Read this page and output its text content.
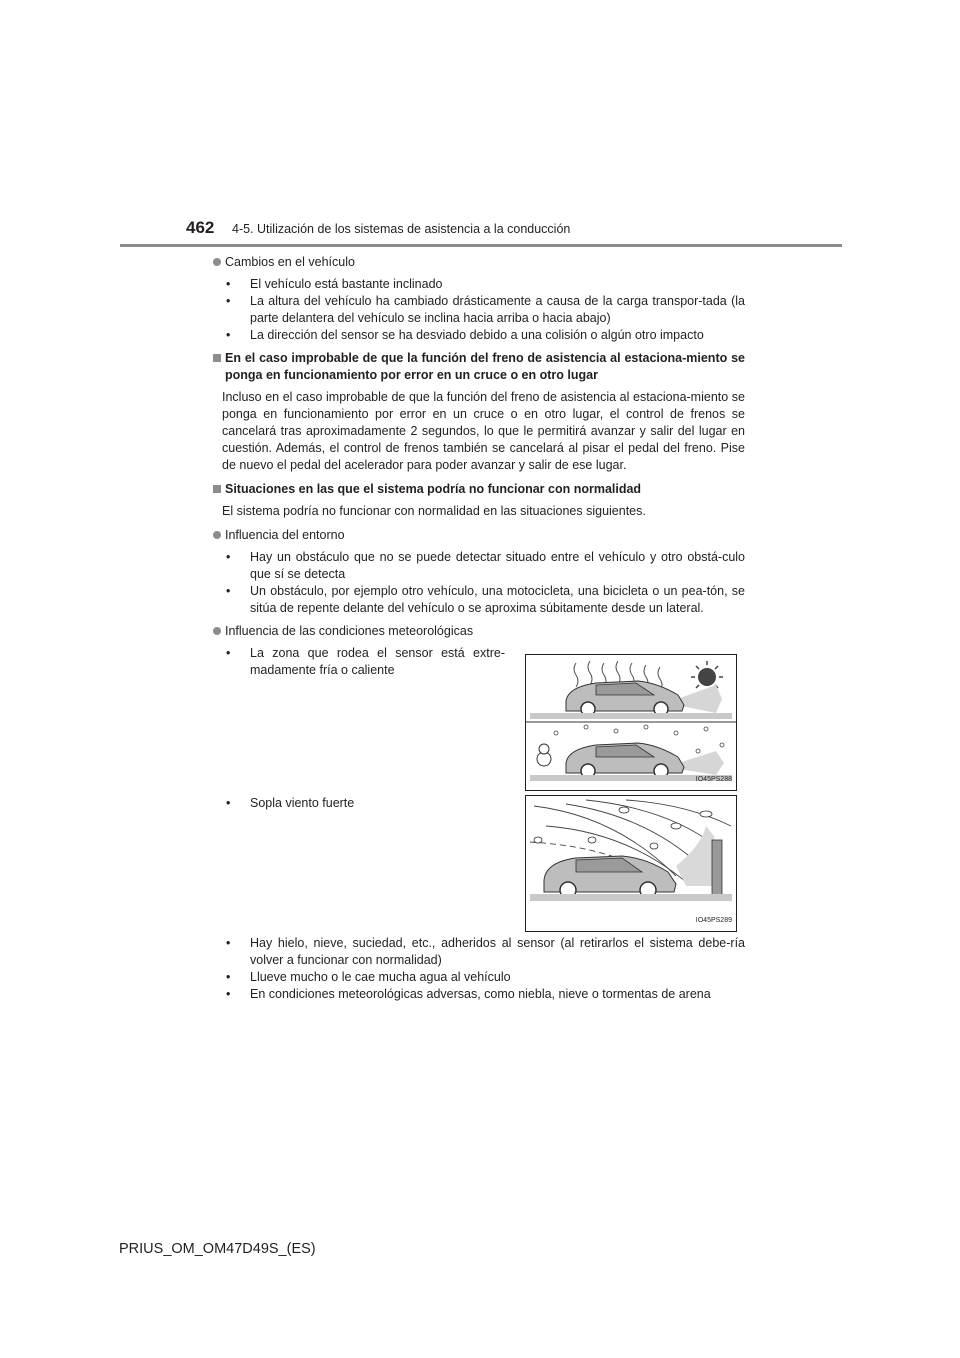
462 4-5. Utilización de los sistemas de asistencia a la conducción
Cambios en el vehículo
• El vehículo está bastante inclinado
• La altura del vehículo ha cambiado drásticamente a causa de la carga transpor-tada (la parte delantera del vehículo se inclina hacia arriba o hacia abajo)
• La dirección del sensor se ha desviado debido a una colisión o algún otro impacto
En el caso improbable de que la función del freno de asistencia al estaciona-miento se ponga en funcionamiento por error en un cruce o en otro lugar
Incluso en el caso improbable de que la función del freno de asistencia al estaciona-miento se ponga en funcionamiento por error en un cruce o en otro lugar, el control de frenos se cancelará tras aproximadamente 2 segundos, lo que le permitirá avanzar y salir del lugar en cuestión. Además, el control de frenos también se cancelará al pisar el pedal del freno. Pise de nuevo el pedal del acelerador para poder avanzar y salir de ese lugar.
Situaciones en las que el sistema podría no funcionar con normalidad
El sistema podría no funcionar con normalidad en las situaciones siguientes.
Influencia del entorno
• Hay un obstáculo que no se puede detectar situado entre el vehículo y otro obstá-culo que sí se detecta
• Un obstáculo, por ejemplo otro vehículo, una motocicleta, una bicicleta o un pea-tón, se sitúa de repente delante del vehículo o se aproxima súbitamente desde un lateral.
Influencia de las condiciones meteorológicas
• La zona que rodea el sensor está extre-madamente fría o caliente
IO45PS288
• Sopla viento fuerte
IO45PS289
• Hay hielo, nieve, suciedad, etc., adheridos al sensor (al retirarlos el sistema debe-ría volver a funcionar con normalidad)
• Llueve mucho o le cae mucha agua al vehículo
• En condiciones meteorológicas adversas, como niebla, nieve o tormentas de arena
PRIUS_OM_OM47D49S_(ES)
